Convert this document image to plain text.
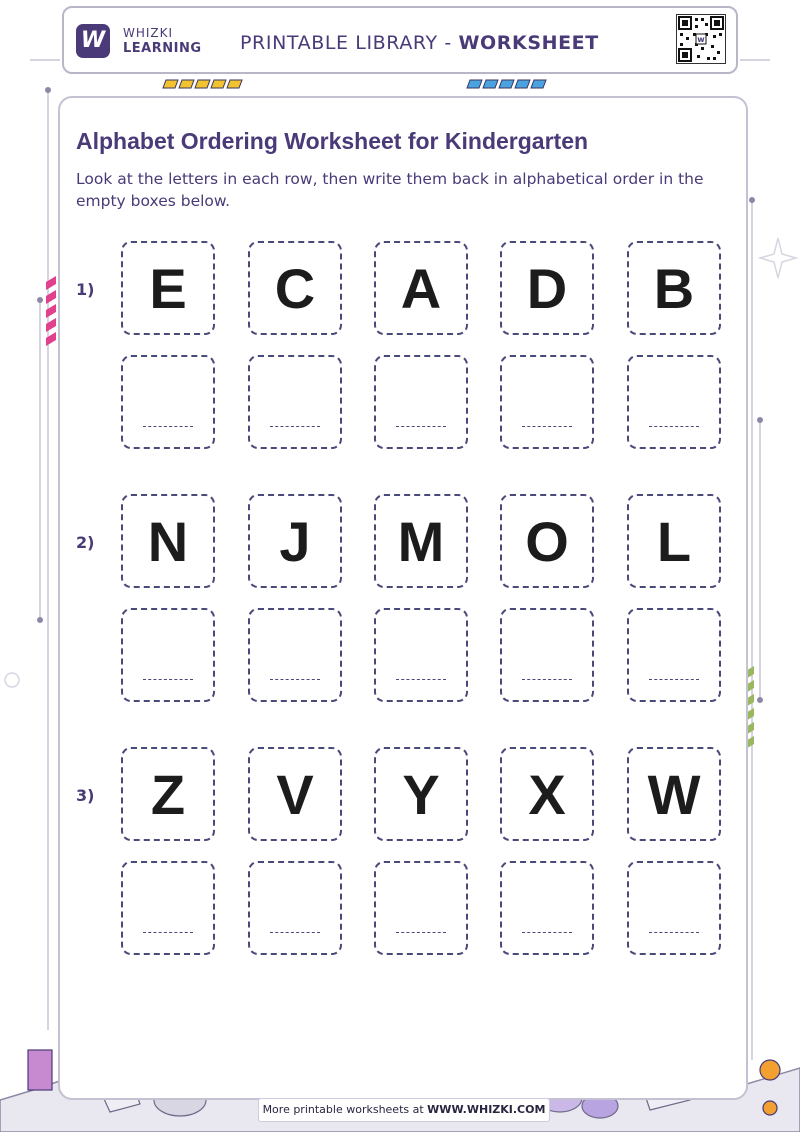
W	WHIZKI
LEARNING PRINTABLE LIBRARY - WORKSHEET	w
Alphabet Ordering Worksheet for Kindergarten

Look at the letters in each row, then write them back in alphabetical order in the empty boxes below.

1) E	C	A	D	B
2) N	J	M	O	L
3)	Z	V	Y	X	W
More printable worksheets at WWW.WHIZKI.COM
